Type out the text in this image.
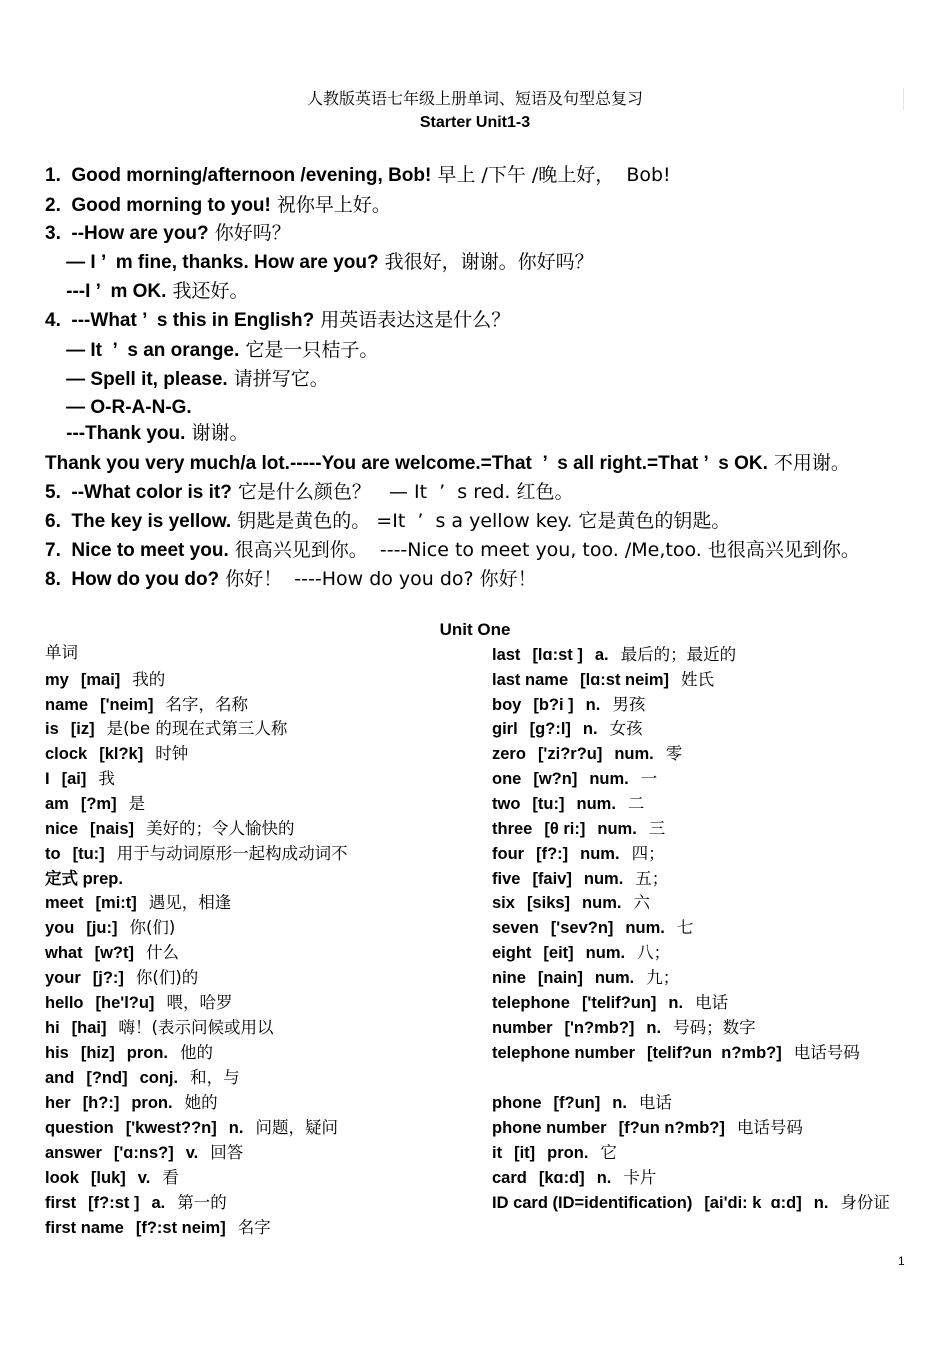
人教版英语七年级上册单词、短语及句型总复习
Starter Unit1-3
1.  Good morning/afternoon /evening, Bob! 早上 /下午 /晚上好，  Bob!
2.  Good morning to you! 祝你早上好。
3.  --How are you? 你好吗？
— I ’  m fine, thanks. How are you? 我很好，谢谢。你好吗？
---I ’  m OK. 我还好。
4.  ---What ’  s this in English? 用英语表达这是什么？
— It  ’  s an orange. 它是一只桔子。
— Spell it, please. 请拼写它。
— O-R-A-N-G.
---Thank you. 谢谢。
Thank you very much/a lot.-----You are welcome.=That  ’  s all right.=That ’  s OK. 不用谢。
5.  --What color is it? 它是什么颜色？   — It  ’  s red. 红色。
6.  The key is yellow. 钥匙是黄色的。 =It  ’  s a yellow key. 它是黄色的钥匙。
7.  Nice to meet you. 很高兴见到你。  ----Nice to meet you, too. /Me,too. 也很高兴见到你。
8.  How do you do? 你好！  ----How do you do? 你好！
Unit One
单词
my [mai] 我的
name ['neim] 名字，名称
is [iz] 是(be 的现在式第三人称
clock [kl?k] 时钟
I [ai] 我
am [?m] 是
nice [nais] 美好的；令人愉快的
to [tu:] 用于与动词原形一起构成动词不
定式 prep.
meet [mi:t] 遇见，相逢
you [ju:] 你(们)
what [w?t] 什么
your [j?:] 你(们)的
hello [he'l?u] 喂，哈罗
hi [hai] 嗨！(表示问候或用以
his [hiz] pron. 他的
and [?nd] conj. 和，与
her [h?:] pron. 她的
question ['kwest??n] n. 问题，疑问
answer ['ɑ:ns?] v. 回答
look [luk] v. 看
first [f?:st ] a. 第一的
first name [f?:st neim] 名字
last [lɑ:st ] a. 最后的；最近的
last name [lɑ:st neim] 姓氏
boy [b?i ] n. 男孩
girl [g?:l] n. 女孩
zero ['zi?r?u] num. 零
one [w?n] num. 一
two [tu:] num. 二
three [θ ri:] num. 三
four [f?:] num. 四；
five [faiv] num. 五；
six [siks] num. 六
seven ['sev?n] num. 七
eight [eit] num. 八；
nine [nain] num. 九；
telephone ['telif?un] n. 电话
number ['n?mb?] n. 号码；数字
telephone number [telif?un  n?mb?] 电话号码
phone [f?un] n. 电话
phone number [f?un n?mb?] 电话号码
it [it] pron. 它
card [kɑ:d] n. 卡片
ID card (ID=identification) [ai'di: k  ɑ:d] n. 身份证
1
